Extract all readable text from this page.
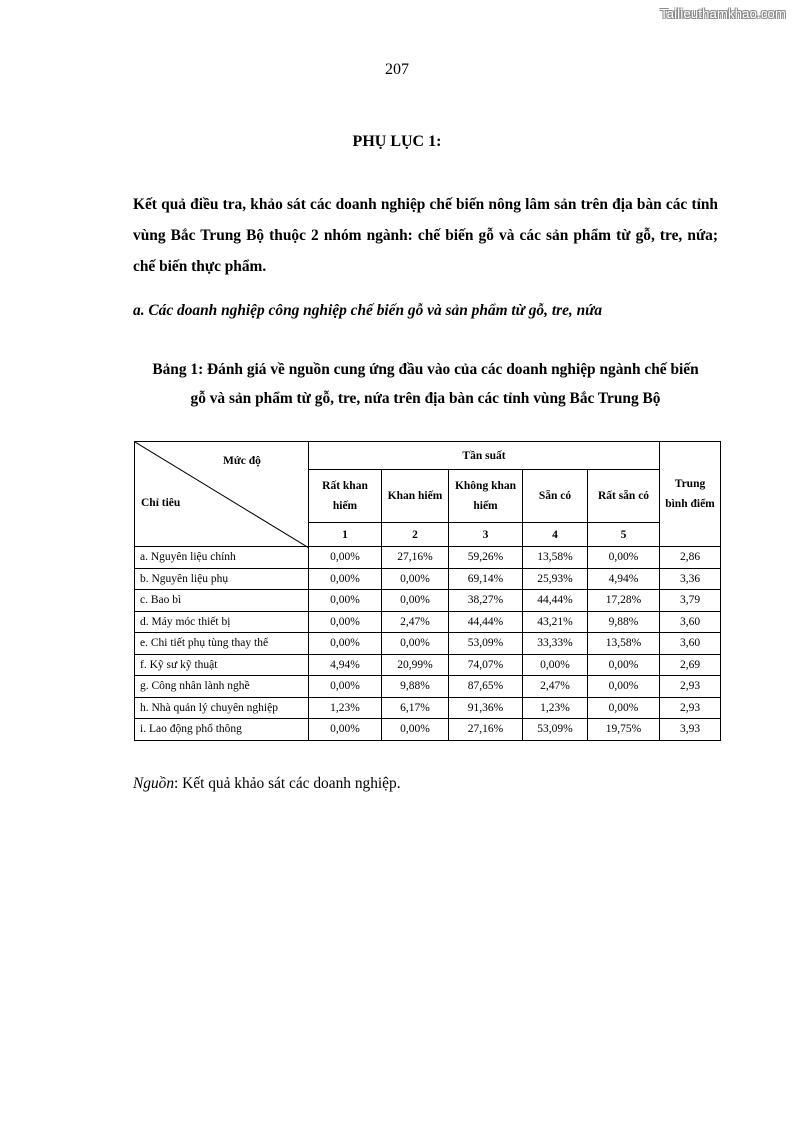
Tailieuthamkhao.com
207
PHỤ LỤC 1:
Kết quả điều tra, khảo sát các doanh nghiệp chế biến nông lâm sản trên địa bàn các tỉnh vùng Bắc Trung Bộ thuộc 2 nhóm ngành: chế biến gỗ và các sản phẩm từ gỗ, tre, nứa; chế biến thực phẩm.
a. Các doanh nghiệp công nghiệp chế biến gỗ và sản phẩm từ gỗ, tre, nứa
Bảng 1: Đánh giá về nguồn cung ứng đầu vào của các doanh nghiệp ngành chế biến
gỗ và sản phẩm từ gỗ, tre, nứa trên địa bàn các tỉnh vùng Bắc Trung Bộ
Mức độ
Chỉ tiêu	Tần suất					Trung bình điểm
	Rất khan hiếm	Khan hiếm	Không khan hiếm	Sẵn có	Rất sẵn có	
	1	2	3	4	5	
a. Nguyên liệu chính	0,00%	27,16%	59,26%	13,58%	0,00%	2,86
b. Nguyên liệu phụ	0,00%	0,00%	69,14%	25,93%	4,94%	3,36
c. Bao bì	0,00%	0,00%	38,27%	44,44%	17,28%	3,79
d. Máy móc thiết bị	0,00%	2,47%	44,44%	43,21%	9,88%	3,60
e. Chi tiết phụ tùng thay thế	0,00%	0,00%	53,09%	33,33%	13,58%	3,60
f. Kỹ sư kỹ thuật	4,94%	20,99%	74,07%	0,00%	0,00%	2,69
g. Công nhân lành nghề	0,00%	9,88%	87,65%	2,47%	0,00%	2,93
h. Nhà quản lý chuyên nghiệp	1,23%	6,17%	91,36%	1,23%	0,00%	2,93
i. Lao động phổ thông	0,00%	0,00%	27,16%	53,09%	19,75%	3,93
Nguồn: Kết quả khảo sát các doanh nghiệp.
